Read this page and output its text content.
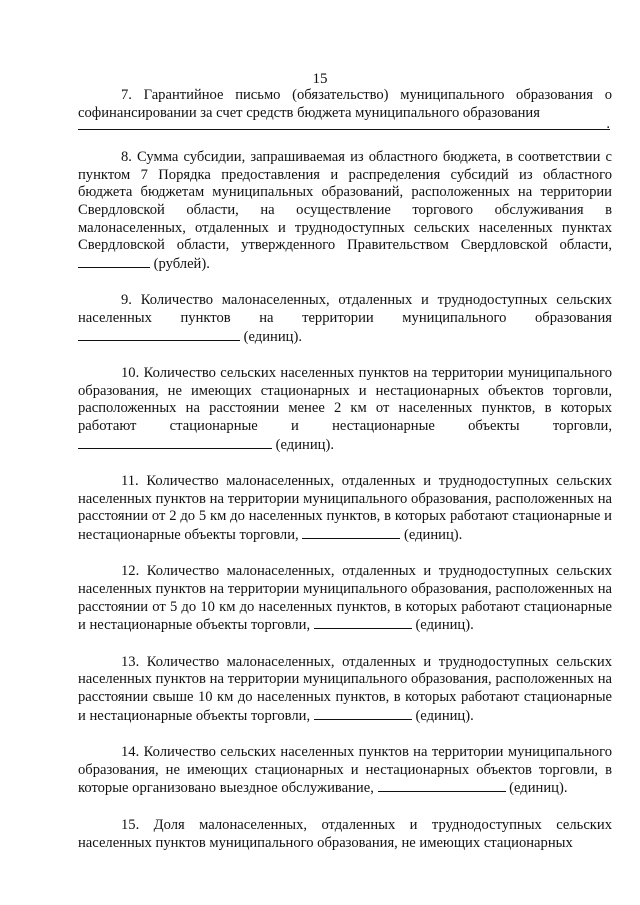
15

7. Гарантийное письмо (обязательство) муниципального образования о софинансировании за счет средств бюджета муниципального образования
.

8. Сумма субсидии, запрашиваемая из областного бюджета, в соответствии с пунктом 7 Порядка предоставления и распределения субсидий из областного бюджета бюджетам муниципальных образований, расположенных на территории Свердловской области, на осуществление торгового обслуживания в малонаселенных, отдаленных и труднодоступных сельских населенных пунктах Свердловской области, утвержденного Правительством Свердловской области,  (рублей).

9. Количество малонаселенных, отдаленных и труднодоступных сельских населенных пунктов на территории муниципального образования  (единиц).

10. Количество сельских населенных пунктов на территории муниципального образования, не имеющих стационарных и нестационарных объектов торговли, расположенных на расстоянии менее 2 км от населенных пунктов, в которых работают стационарные и нестационарные объекты торговли,  (единиц).

11. Количество малонаселенных, отдаленных и труднодоступных сельских населенных пунктов на территории муниципального образования, расположенных на расстоянии от 2 до 5 км до населенных пунктов, в которых работают стационарные и нестационарные объекты торговли,	(единиц).

12. Количество малонаселенных, отдаленных и труднодоступных сельских населенных пунктов на территории муниципального образования, расположенных на расстоянии от 5 до 10 км до населенных пунктов, в которых работают стационарные и нестационарные объекты торговли,	(единиц).

13. Количество малонаселенных, отдаленных и труднодоступных сельских населенных пунктов на территории муниципального образования, расположенных на расстоянии свыше 10 км до населенных пунктов, в которых работают стационарные и нестационарные объекты торговли,	(единиц).

14. Количество сельских населенных пунктов на территории муниципального образования, не имеющих стационарных и нестационарных объектов торговли, в которые организовано выездное обслуживание,	(единиц).

15. Доля малонаселенных, отдаленных и труднодоступных сельских населенных пунктов муниципального образования, не имеющих стационарных
